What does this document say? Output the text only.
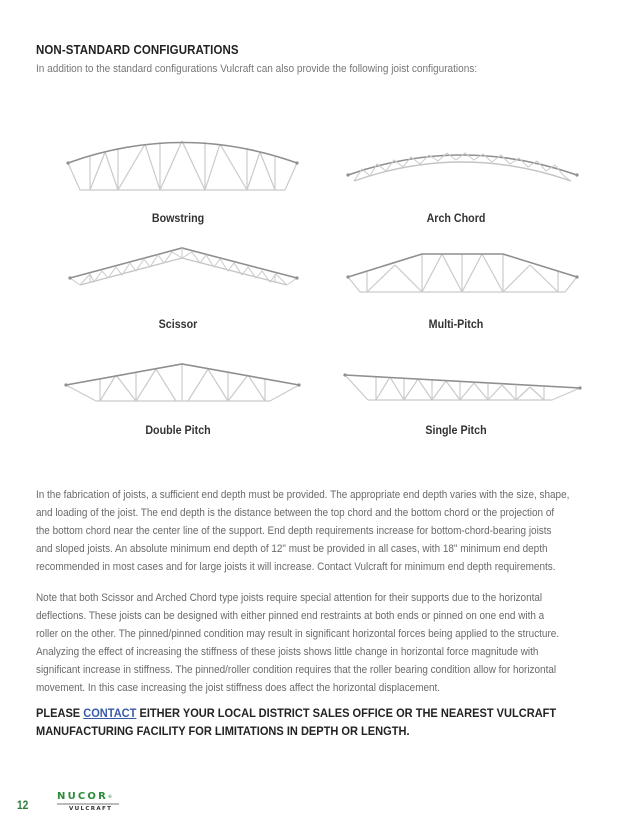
NON-STANDARD CONFIGURATIONS
In addition to the standard configurations Vulcraft can also provide the following joist configurations:
Bowstring	Arch Chord
Scissor	Multi-Pitch
Double Pitch	Single Pitch
In the fabrication of joists, a sufficient end depth must be provided. The appropriate end depth varies with the size, shape,
and loading of the joist. The end depth is the distance between the top chord and the bottom chord or the projection of
the bottom chord near the center line of the support. End depth requirements increase for bottom-chord-bearing joists
and sloped joists. An absolute minimum end depth of 12" must be provided in all cases, with 18" minimum end depth
recommended in most cases and for large joists it will increase. Contact Vulcraft for minimum end depth requirements.
Note that both Scissor and Arched Chord type joists require special attention for their supports due to the horizontal
deflections. These joists can be designed with either pinned end restraints at both ends or pinned on one end with a
roller on the other. The pinned/pinned condition may result in significant horizontal forces being applied to the structure.
Analyzing the effect of increasing the stiffness of these joists shows little change in horizontal force magnitude with
significant increase in stiffness. The pinned/roller condition requires that the roller bearing condition allow for horizontal
movement. In this case increasing the joist stiffness does affect the horizontal displacement.
PLEASE CONTACT EITHER YOUR LOCAL DISTRICT SALES OFFICE OR THE NEAREST VULCRAFT
MANUFACTURING FACILITY FOR LIMITATIONS IN DEPTH OR LENGTH.
12
NUCOR®
VULCRAFT
